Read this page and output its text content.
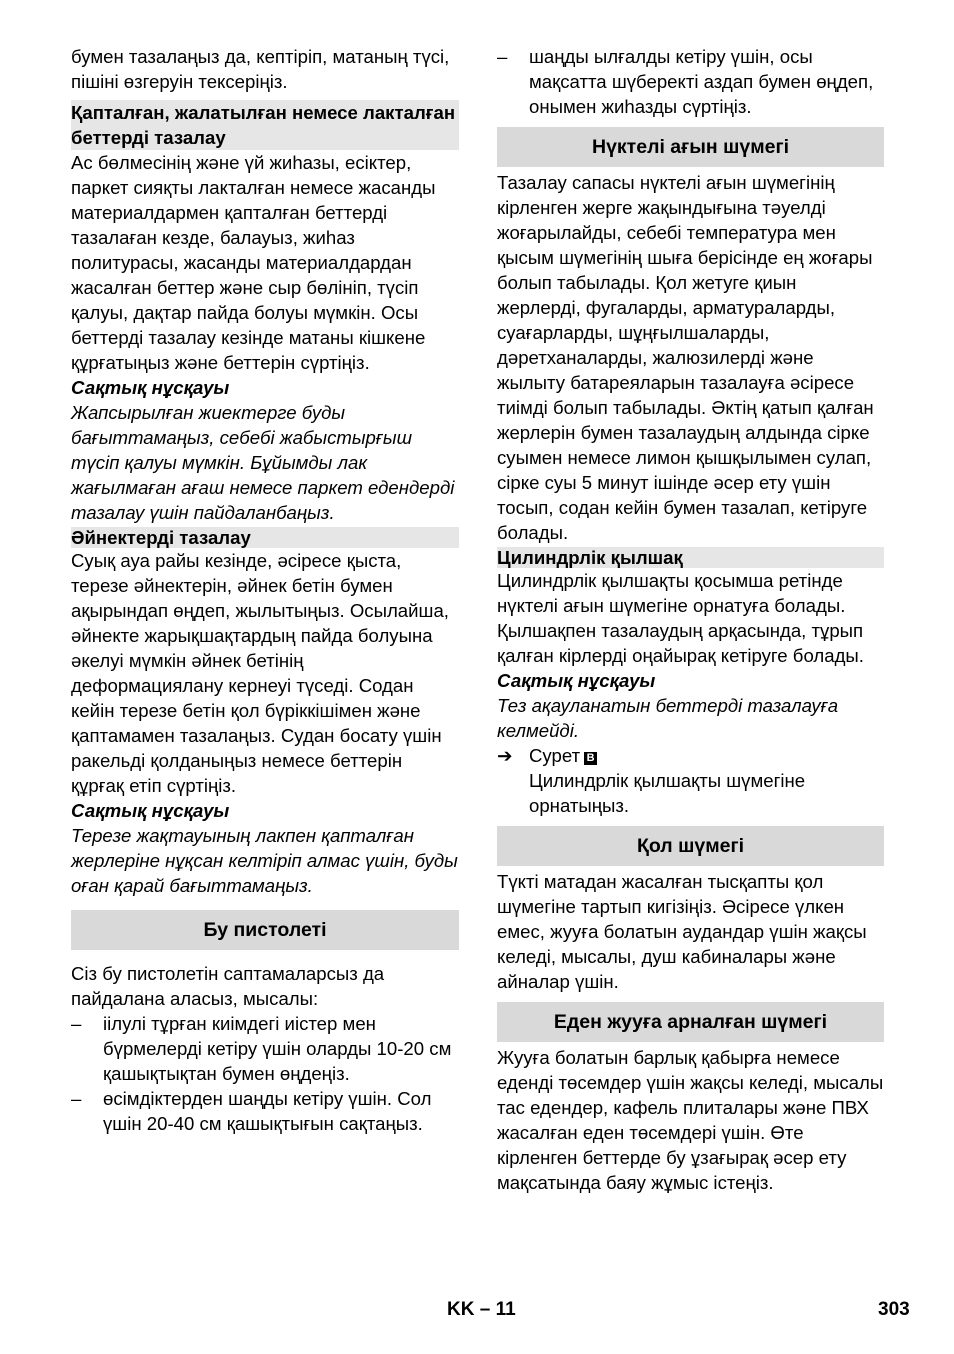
бумен тазалаңыз да, кептіріп, матаның түсі, пішіні өзгеруін тексеріңіз.

Қапталған, жалатылған немесе лакталған беттерді тазалау

Ас бөлмесінің және үй жиһазы, есіктер, паркет сияқты лакталған немесе жасанды материалдармен қапталған беттерді тазалаған кезде, балауыз, жиһаз политурасы, жасанды материалдардан жасалған беттер және сыр бөлініп, түсіп қалуы, дақтар пайда болуы мүмкін. Осы беттерді тазалау кезінде матаны кішкене құрғатыңыз және беттерін сүртіңіз.

Сақтық нұсқауы

Жапсырылған жиектерге буды бағыттамаңыз, себебі жабыстырғыш түсіп қалуы мүмкін. Бұйымды лак жағылмаған ағаш немесе паркет едендерді тазалау үшін пайдаланбаңыз.

Әйнектерді тазалау

Суық ауа райы кезінде, әсіресе қыста, терезе әйнектерін, әйнек бетін бумен ақырындап өңдеп, жылытыңыз. Осылайша, әйнекте жарықшақтардың пайда болуына әкелуі мүмкін әйнек бетінің деформациялану кернеуі түседі. Содан кейін терезе бетін қол бүріккішімен және қаптамамен тазалаңыз. Судан босату үшін ракельді қолданыңыз немесе беттерін құрғақ етіп сүртіңіз.

Сақтық нұсқауы

Терезе жақтауының лакпен қапталған жерлеріне нұқсан келтіріп алмас үшін, буды оған қарай бағыттамаңыз.

Бу пистолеті

Сіз бу пистолетін саптамаларсыз да пайдалана аласыз, мысалы:

– іілулі тұрған киімдегі иістер мен бүрмелерді кетіру үшін оларды 10-20 см қашықтықтан бумен өңдеңіз.
– өсімдіктерден шаңды кетіру үшін. Сол үшін 20-40 см қашықтығын сақтаңыз.
– шаңды ылғалды кетіру үшін, осы мақсатта шүберекті аздап бумен өңдеп, онымен жиһазды сүртіңіз.
Нүктелі ағын шүмегі

Тазалау сапасы нүктелі ағын шүмегінің кірленген жерге жақындығына тәуелді жоғарылайды, себебі температура мен қысым шүмегінің шыға берісінде ең жоғары болып табылады. Қол жетуге қиын жерлерді, фугаларды, арматураларды, суағарларды, шұңғылшаларды, дәретханаларды, жалюзилерді және жылыту батареяларын тазалауға әсіресе тиімді болып табылады. Әктің қатып қалған жерлерін бумен тазалаудың алдында сірке суымен немесе лимон қышқылымен сулап, сірке суы 5 минут ішінде әсер ету үшін тосып, содан кейін бумен тазалап, кетіруге болады.

Цилиндрлік қылшақ

Цилиндрлік қылшақты қосымша ретінде нүктелі ағын шүмегіне орнатуға болады. Қылшақпен тазалаудың арқасында, тұрып қалған кірлерді оңайырақ кетіруге болады.

Сақтық нұсқауы

Тез ақауланатын беттерді тазалауға келмейді.

➔ Сурет B
Цилиндрлік қылшақты шүмегіне орнатыңыз.
Қол шүмегі

Түкті матадан жасалған тысқапты қол шүмегіне тартып кигізіңіз. Әсіресе үлкен емес, жууға болатын аудандар үшін жақсы келеді, мысалы, душ кабиналары және айналар үшін.

Еден жууға арналған шүмегі

Жууға болатын барлық қабырға немесе еденді төсемдер үшін жақсы келеді, мысалы тас едендер, кафель плиталары және ПВХ жасалған еден төсемдері үшін. Өте кірленген беттерде бу ұзағырақ әсер ету мақсатында баяу жұмыс істеңіз.

KK – 11	303
